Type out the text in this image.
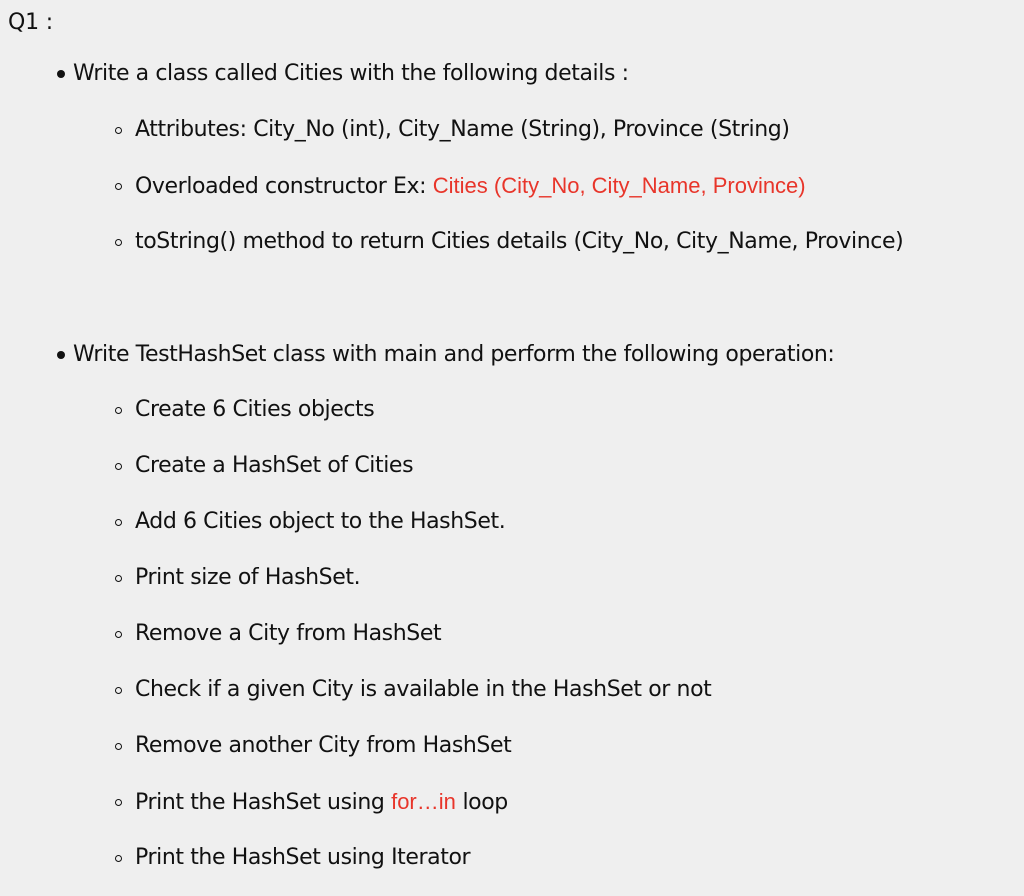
Q1 :
Write a class called Cities with the following details :
Attributes: City_No (int), City_Name (String), Province (String)
Overloaded constructor Ex: Cities (City_No, City_Name, Province)
toString() method to return Cities details (City_No, City_Name, Province)
Write TestHashSet class with main and perform the following operation:
Create 6 Cities objects
Create a HashSet of Cities
Add 6 Cities object to the HashSet.
Print size of HashSet.
Remove a City from HashSet
Check if a given City is available in the HashSet or not
Remove another City from HashSet
Print the HashSet using for…in loop
Print the HashSet using Iterator
